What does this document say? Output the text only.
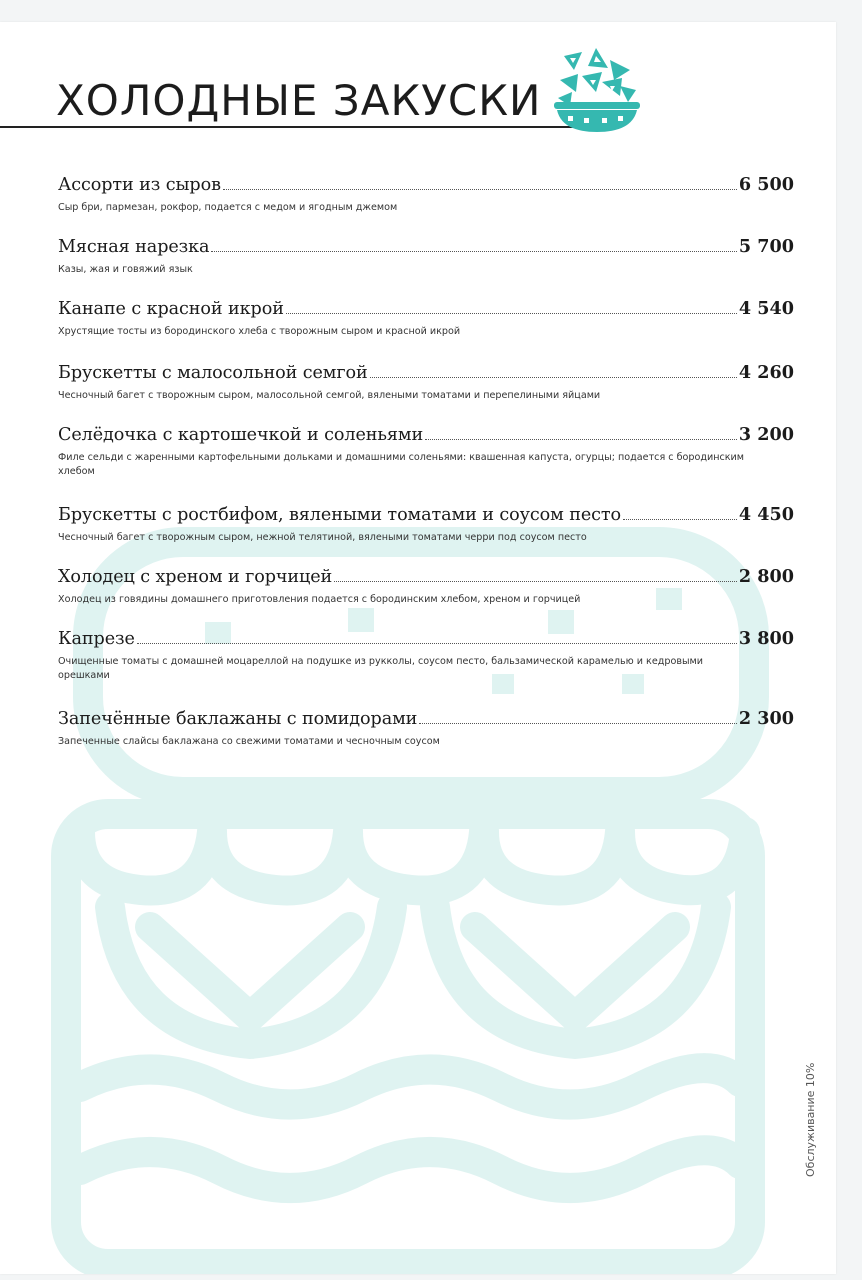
ХОЛОДНЫЕ ЗАКУСКИ
Ассорти из сыров	6 500
Сыр бри, пармезан, рокфор, подается с медом и ягодным джемом
Мясная нарезка	5 700
Казы, жая и говяжий язык
Канапе с красной икрой	4 540
Хрустящие тосты из бородинского хлеба с творожным сыром и красной икрой
Брускетты с малосольной семгой	4 260
Чесночный багет с творожным сыром, малосольной семгой, вялеными томатами и перепелиными яйцами
Селёдочка с картошечкой и соленьями	3 200
Филе сельди с жаренными картофельными дольками и домашними соленьями: квашенная капуста, огурцы; подается с бородинским хлебом
Брускетты с ростбифом, вялеными томатами и соусом песто	4 450
Чесночный багет с творожным сыром, нежной телятиной, вялеными томатами черри под соусом песто
Холодец с хреном и горчицей	2 800
Холодец из говядины домашнего приготовления подается с бородинским хлебом, хреном и горчицей
Капрезе	3 800
Очищенные томаты с домашней моцареллой на подушке из рукколы, соусом песто, бальзамической карамелью и кедровыми орешками
Запечённые баклажаны с помидорами	2 300
Запеченные слайсы баклажана со свежими томатами и чесночным соусом
Обслуживание 10%
